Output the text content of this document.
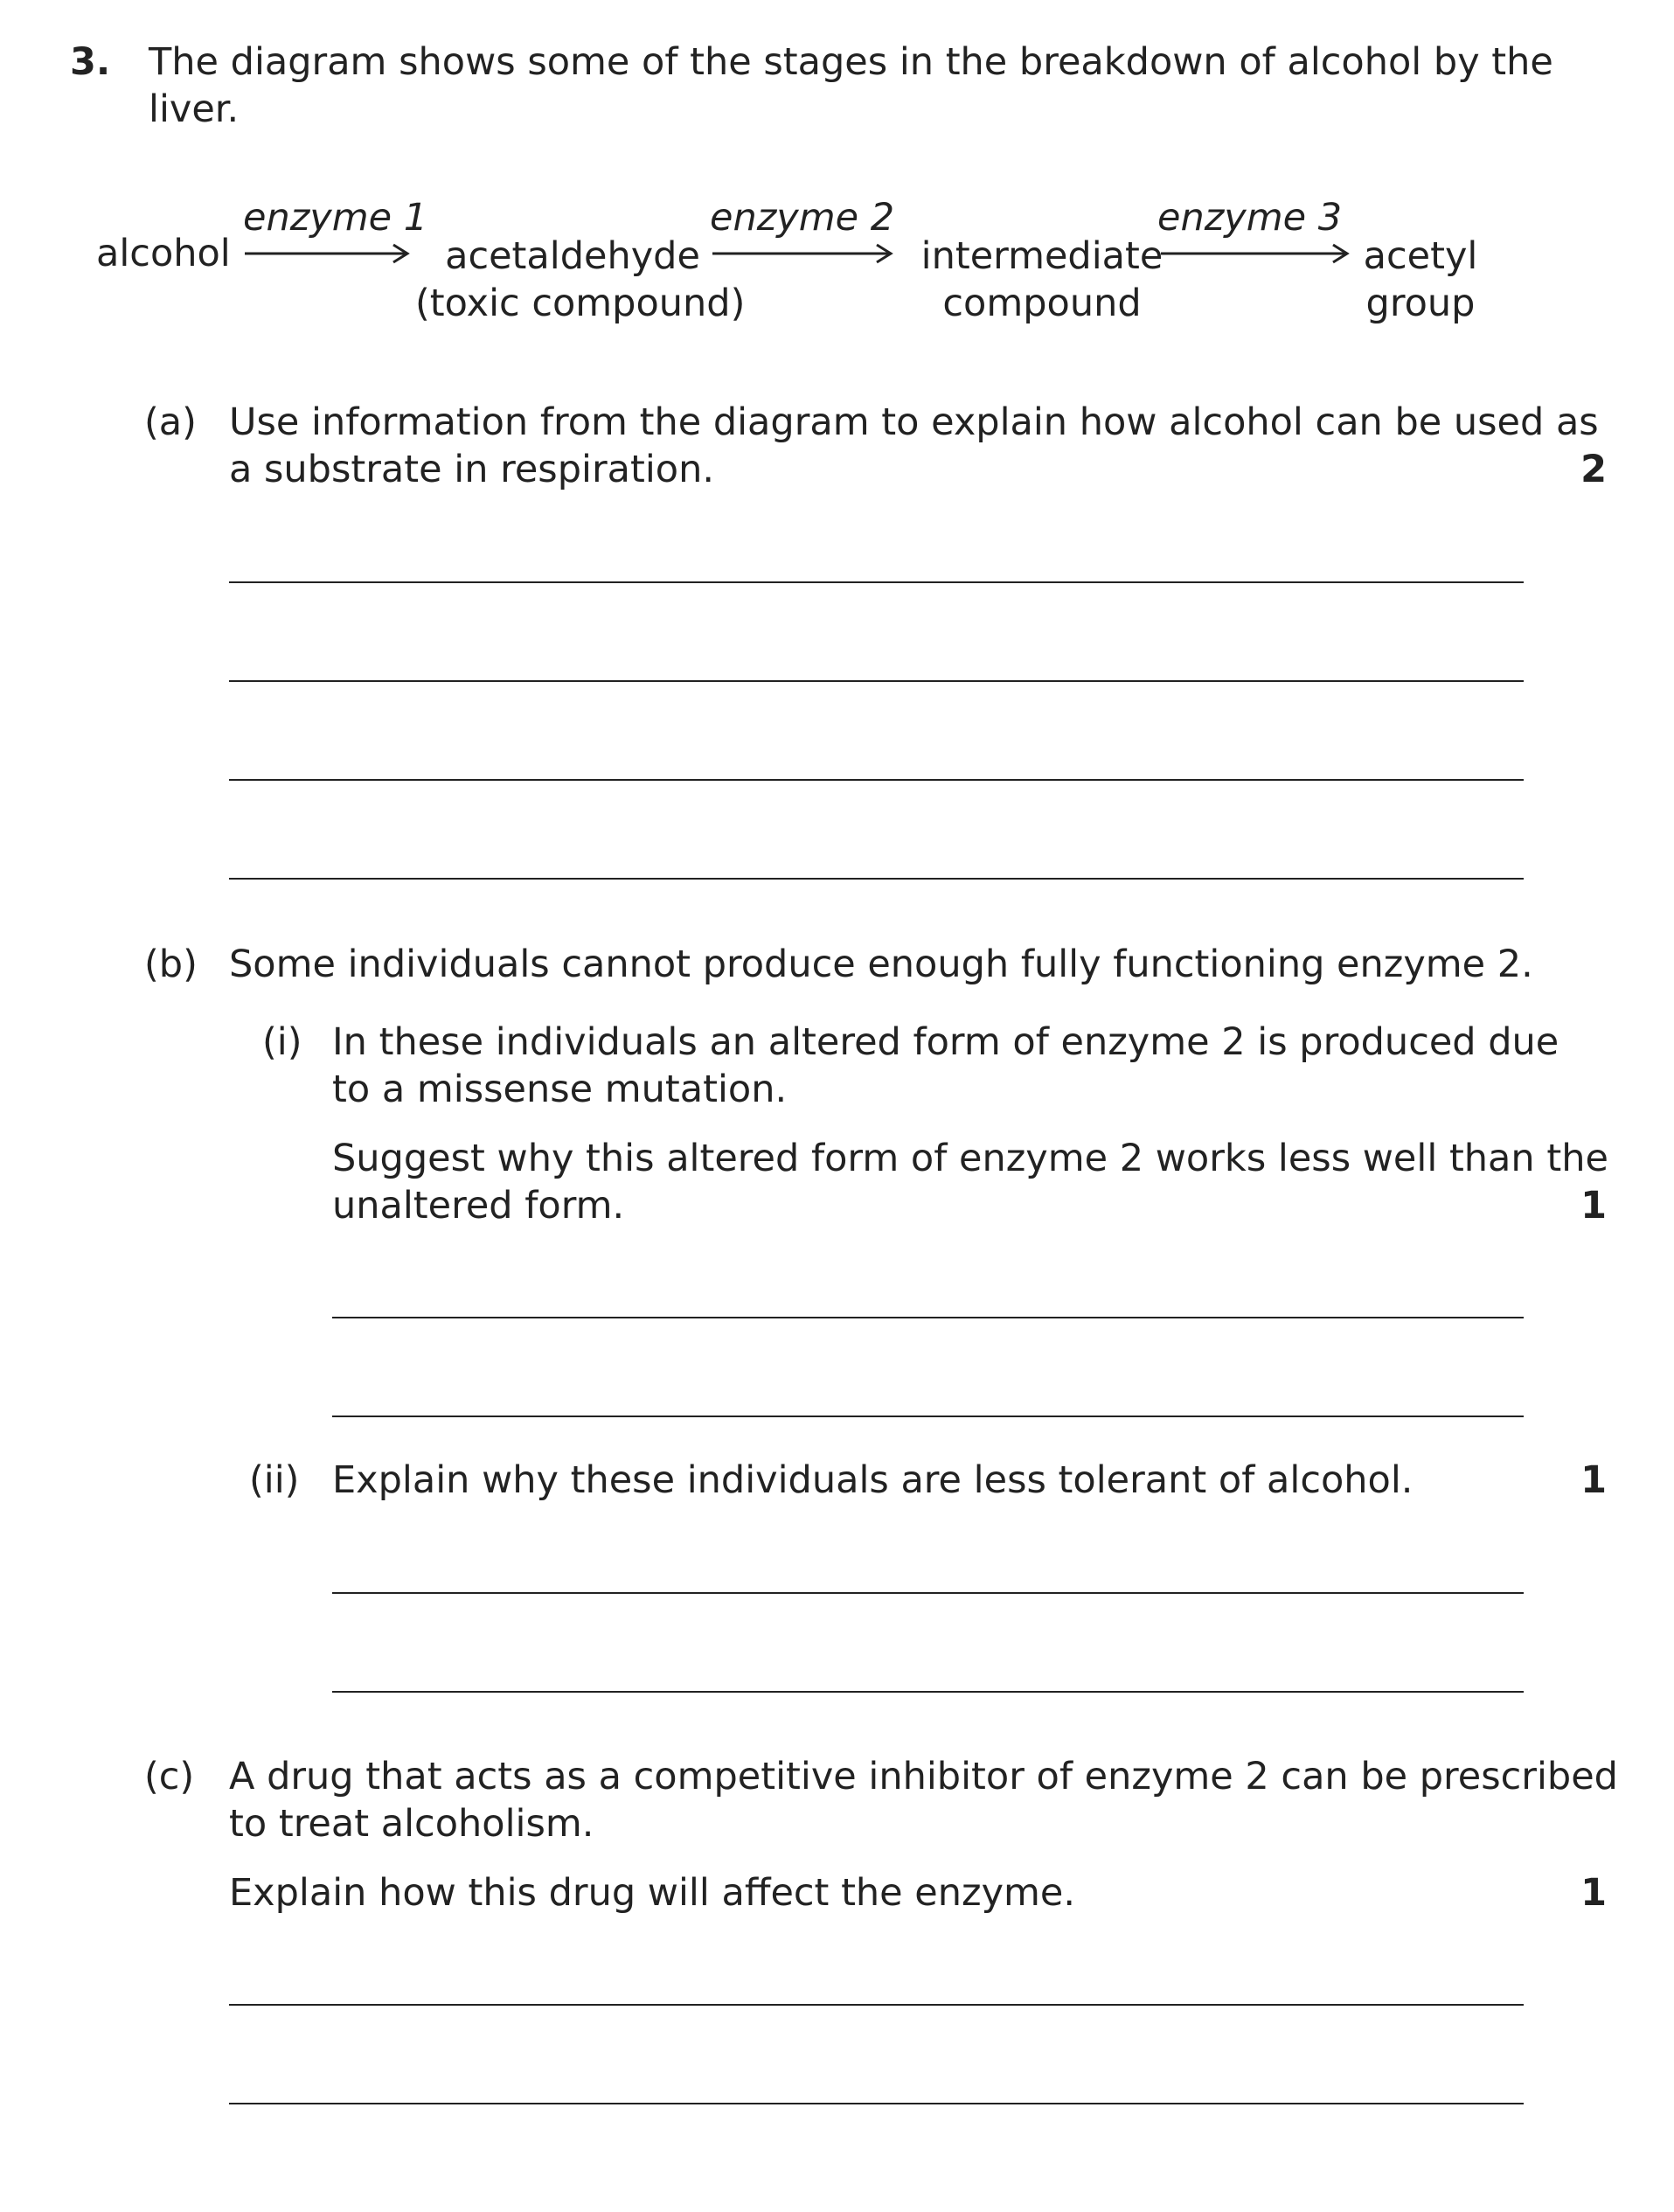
3. The diagram shows some of the stages in the breakdown of alcohol by the
liver.
alcohol
enzyme 1
acetaldehyde
(toxic compound)
enzyme 2
intermediate
compound
enzyme 3
acetyl
group
(a) Use information from the diagram to explain how alcohol can be used as
a substrate in respiration.	2
(b) Some individuals cannot produce enough fully functioning enzyme 2.
(i) In these individuals an altered form of enzyme 2 is produced due
to a missense mutation.
Suggest why this altered form of enzyme 2 works less well than the
unaltered form.	1
(ii) Explain why these individuals are less tolerant of alcohol.	1
(c) A drug that acts as a competitive inhibitor of enzyme 2 can be prescribed
to treat alcoholism.
Explain how this drug will affect the enzyme.	1
